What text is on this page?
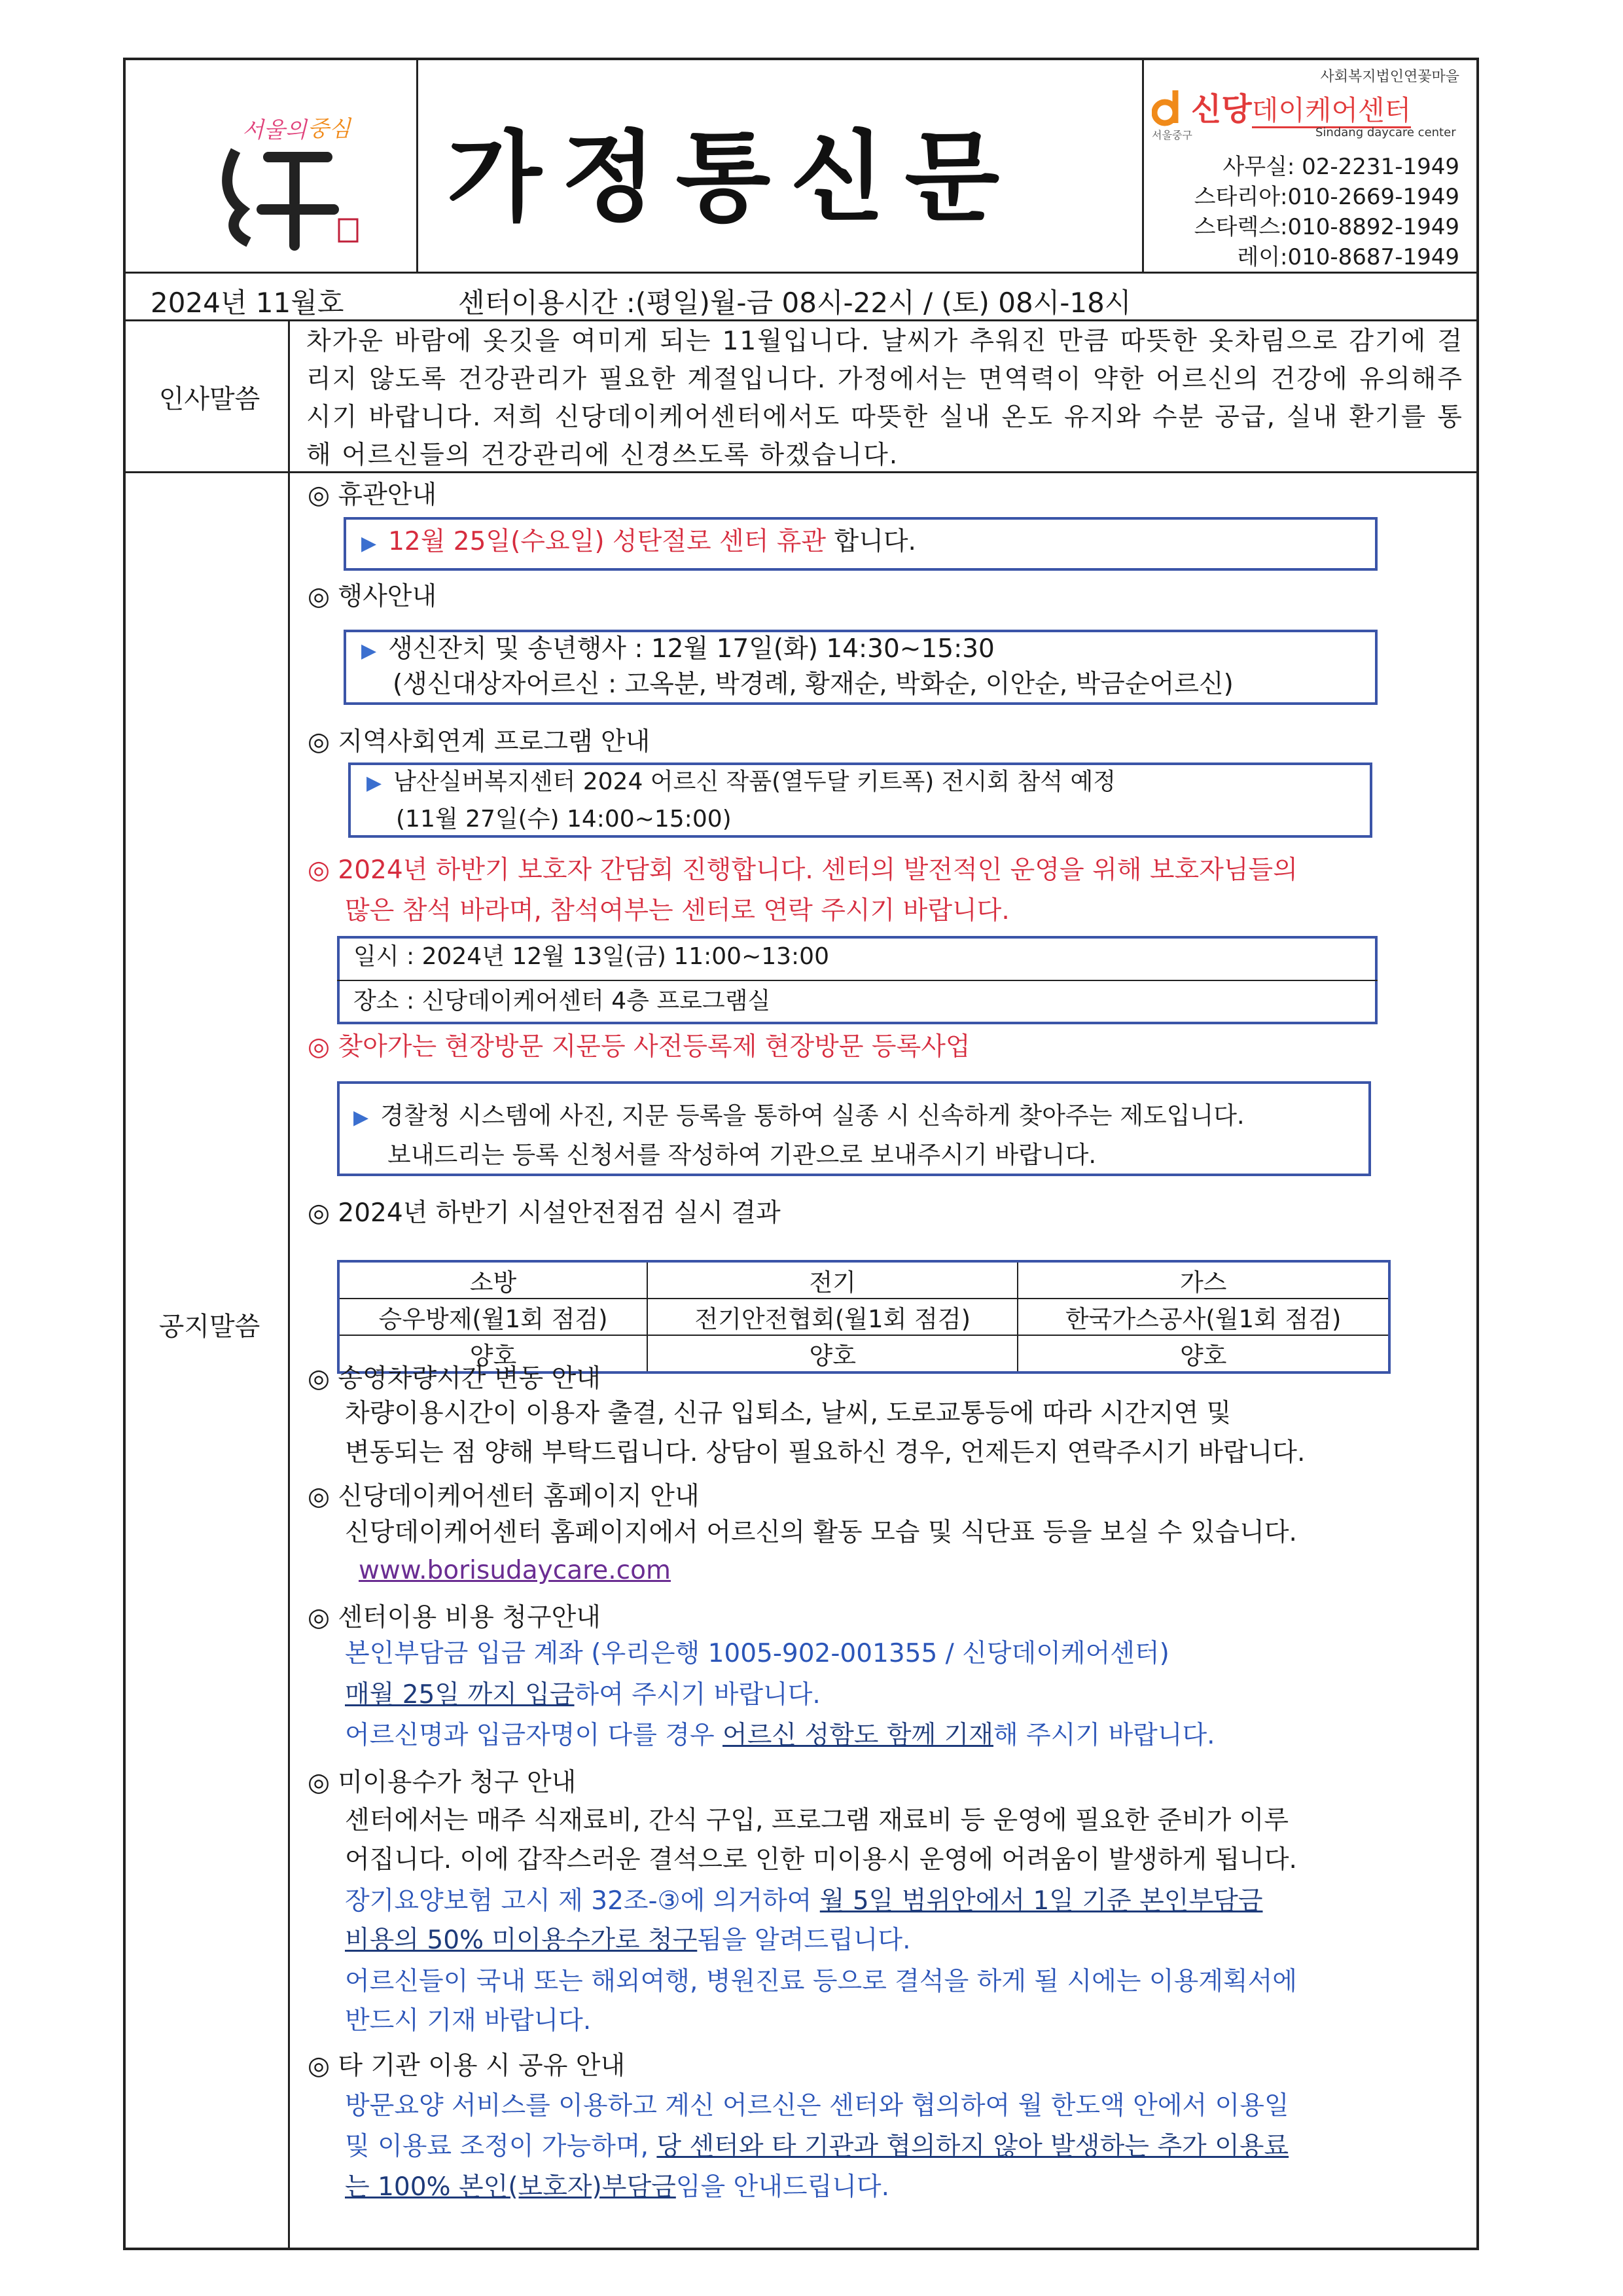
서울의 중심 가정통신문
사회복지법인연꽃마을
서울중구
신당데이케어센터
Sindang daycare center
사무실: 02-2231-1949
스타리아:010-2669-1949
스타렉스:010-8892-1949
레이:010-8687-1949
2024년 11월호	센터이용시간 :(평일)월-금 08시-22시 / (토) 08시-18시
인사말씀
차가운 바람에 옷깃을 여미게 되는 11월입니다. 날씨가 추워진 만큼 따뜻한 옷차림으로 감기에 걸리지 않도록 건강관리가 필요한 계절입니다. 가정에서는 면역력이 약한 어르신의 건강에 유의해주시기 바랍니다. 저희 신당데이케어센터에서도 따뜻한 실내 온도 유지와 수분 공급, 실내 환기를 통해 어르신들의 건강관리에 신경쓰도록 하겠습니다.
공지말씀
◎ 휴관안내
▶ 12월 25일(수요일) 성탄절로 센터 휴관 합니다.
◎ 행사안내
▶ 생신잔치 및 송년행사 : 12월 17일(화) 14:30~15:30
(생신대상자어르신 : 고옥분, 박경례, 황재순, 박화순, 이안순, 박금순어르신)
◎ 지역사회연계 프로그램 안내
▶ 남산실버복지센터 2024 어르신 작품(열두달 키트폭) 전시회 참석 예정
(11월 27일(수) 14:00~15:00)
◎ 2024년 하반기 보호자 간담회 진행합니다. 센터의 발전적인 운영을 위해 보호자님들의
많은 참석 바라며, 참석여부는 센터로 연락 주시기 바랍니다.
일시 : 2024년 12월 13일(금) 11:00~13:00
장소 : 신당데이케어센터 4층 프로그램실
◎ 찾아가는 현장방문 지문등 사전등록제 현장방문 등록사업
▶ 경찰청 시스템에 사진, 지문 등록을 통하여 실종 시 신속하게 찾아주는 제도입니다.
보내드리는 등록 신청서를 작성하여 기관으로 보내주시기 바랍니다.
◎ 2024년 하반기 시설안전점검 실시 결과
소방	전기	가스
승우방제(월1회 점검)	전기안전협회(월1회 점검)	한국가스공사(월1회 점검)
양호	양호	양호
◎ 송영차량시간 변동 안내
차량이용시간이 이용자 출결, 신규 입퇴소, 날씨, 도로교통등에 따라 시간지연 및
변동되는 점 양해 부탁드립니다. 상담이 필요하신 경우, 언제든지 연락주시기 바랍니다.
◎ 신당데이케어센터 홈페이지 안내
신당데이케어센터 홈페이지에서 어르신의 활동 모습 및 식단표 등을 보실 수 있습니다.
www.borisudaycare.com
◎ 센터이용 비용 청구안내
본인부담금 입금 계좌 (우리은행 1005-902-001355 / 신당데이케어센터)
매월 25일 까지 입금하여 주시기 바랍니다.
어르신명과 입금자명이 다를 경우 어르신 성함도 함께 기재해 주시기 바랍니다.
◎ 미이용수가 청구 안내
센터에서는 매주 식재료비, 간식 구입, 프로그램 재료비 등 운영에 필요한 준비가 이루
어집니다. 이에 갑작스러운 결석으로 인한 미이용시 운영에 어려움이 발생하게 됩니다.
장기요양보험 고시 제 32조-③에 의거하여 월 5일 범위안에서 1일 기준 본인부담금
비용의 50% 미이용수가로 청구됨을 알려드립니다.
어르신들이 국내 또는 해외여행, 병원진료 등으로 결석을 하게 될 시에는 이용계획서에
반드시 기재 바랍니다.
◎ 타 기관 이용 시 공유 안내
방문요양 서비스를 이용하고 계신 어르신은 센터와 협의하여 월 한도액 안에서 이용일
및 이용료 조정이 가능하며, 당 센터와 타 기관과 협의하지 않아 발생하는 추가 이용료
는 100% 본인(보호자)부담금임을 안내드립니다.
